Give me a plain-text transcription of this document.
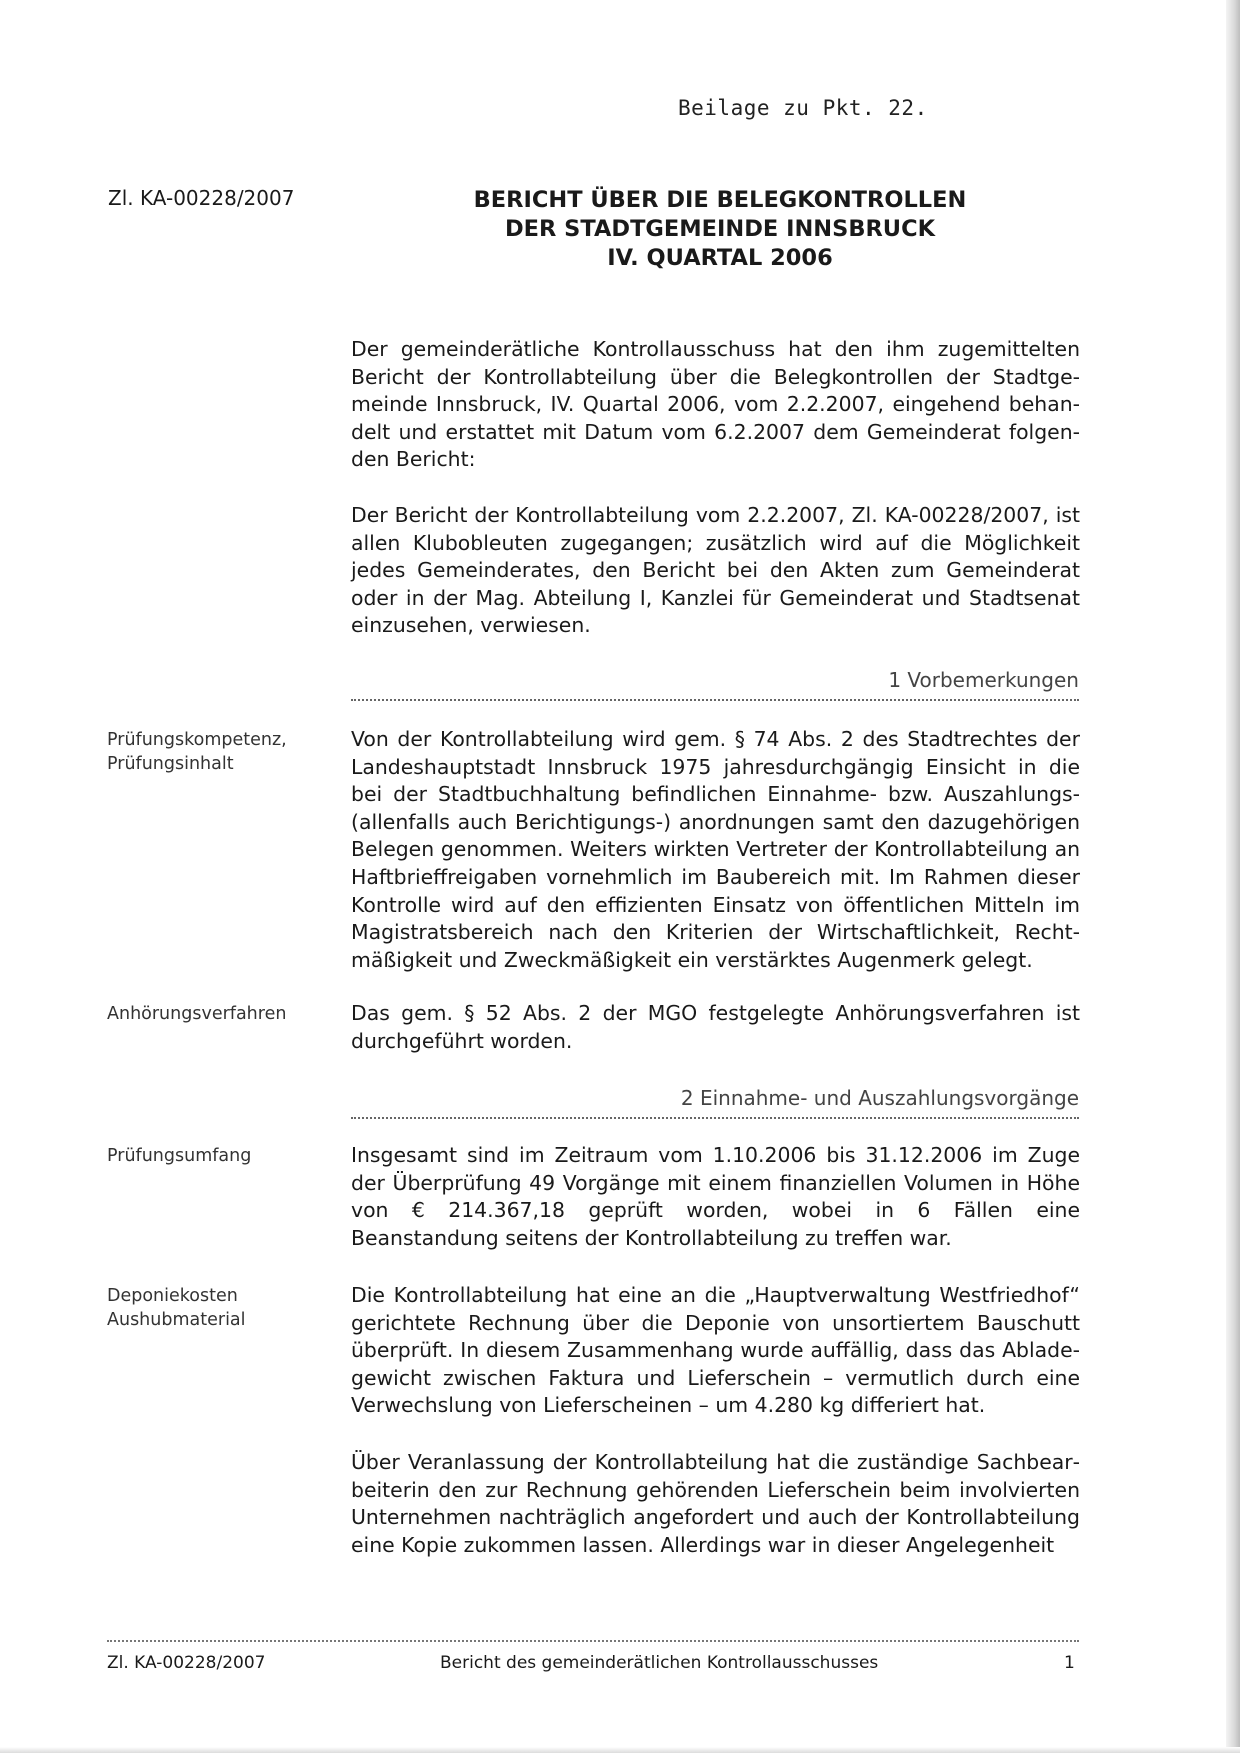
Beilage zu Pkt. 22.
Zl. KA-00228/2007	BERICHT ÜBER DIE BELEGKONTROLLEN
DER STADTGEMEINDE INNSBRUCK
IV. QUARTAL 2006
Der gemeinderätliche Kontrollausschuss hat den ihm zugemittelten Bericht der Kontrollabteilung über die Belegkontrollen der Stadtgemeinde Innsbruck, IV. Quartal 2006, vom 2.2.2007, eingehend behandelt und erstattet mit Datum vom 6.2.2007 dem Gemeinderat folgenden Bericht:
Der Bericht der Kontrollabteilung vom 2.2.2007, Zl. KA-00228/2007, ist allen Klubobleuten zugegangen; zusätzlich wird auf die Möglichkeit jedes Gemeinderates, den Bericht bei den Akten zum Gemeinderat oder in der Mag. Abteilung I, Kanzlei für Gemeinderat und Stadtsenat einzusehen, verwiesen.
1 Vorbemerkungen
Prüfungskompetenz, Prüfungsinhalt
Von der Kontrollabteilung wird gem. § 74 Abs. 2 des Stadtrechtes der Landeshauptstadt Innsbruck 1975 jahresdurchgängig Einsicht in die bei der Stadtbuchhaltung befindlichen Einnahme- bzw. Auszahlungs- (allenfalls auch Berichtigungs-) anordnungen samt den dazugehörigen Belegen genommen. Weiters wirkten Vertreter der Kontrollabteilung an Haftbrieffreigaben vornehmlich im Baubereich mit. Im Rahmen dieser Kontrolle wird auf den effizienten Einsatz von öffentlichen Mitteln im Magistratsbereich nach den Kriterien der Wirtschaftlichkeit, Rechtmäßigkeit und Zweckmäßigkeit ein verstärktes Augenmerk gelegt.
Anhörungsverfahren	Das gem. § 52 Abs. 2 der MGO festgelegte Anhörungsverfahren ist durchgeführt worden.
2 Einnahme- und Auszahlungsvorgänge
Prüfungsumfang	Insgesamt sind im Zeitraum vom 1.10.2006 bis 31.12.2006 im Zuge der Überprüfung 49 Vorgänge mit einem finanziellen Volumen in Höhe von € 214.367,18 geprüft worden, wobei in 6 Fällen eine Beanstandung seitens der Kontrollabteilung zu treffen war.
Deponiekosten Aushubmaterial
Die Kontrollabteilung hat eine an die „Hauptverwaltung Westfriedhof“ gerichtete Rechnung über die Deponie von unsortiertem Bauschutt überprüft. In diesem Zusammenhang wurde auffällig, dass das Abladegewicht zwischen Faktura und Lieferschein – vermutlich durch eine Verwechslung von Lieferscheinen – um 4.280 kg differiert hat.
Über Veranlassung der Kontrollabteilung hat die zuständige Sachbearbeiterin den zur Rechnung gehörenden Lieferschein beim involvierten Unternehmen nachträglich angefordert und auch der Kontrollabteilung eine Kopie zukommen lassen. Allerdings war in dieser Angelegenheit
Zl. KA-00228/2007	Bericht des gemeinderätlichen Kontrollausschusses	1
